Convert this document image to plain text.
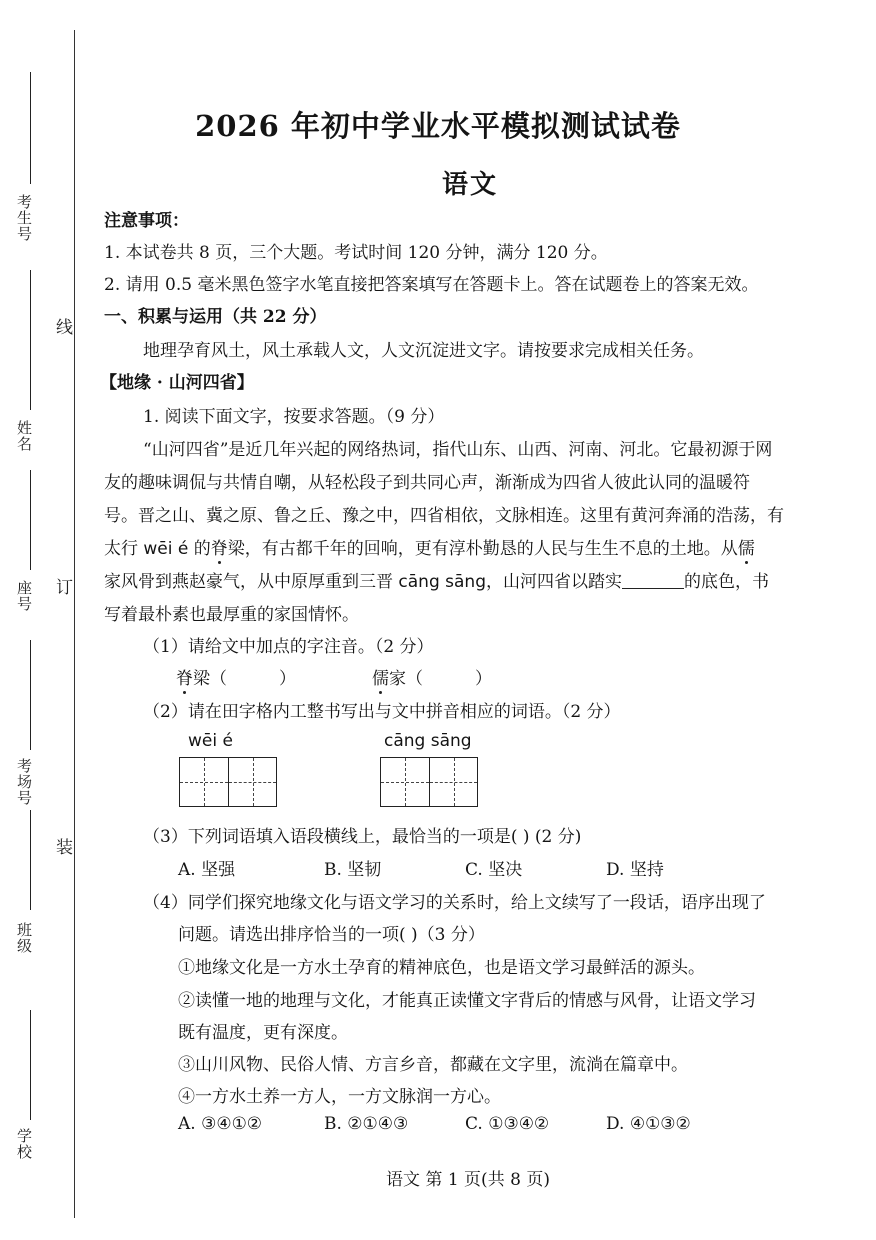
考生号
姓名
座号
考场号
班级
学校
线
订
装
2026 年初中学业水平模拟测试试卷
语文
注意事项：
1. 本试卷共 8 页，三个大题。考试时间 120 分钟，满分 120 分。
2. 请用 0.5 毫米黑色签字水笔直接把答案填写在答题卡上。答在试题卷上的答案无效。
一、积累与运用（共 22 分）
地理孕育风土，风土承载人文，人文沉淀进文字。请按要求完成相关任务。
【地缘 · 山河四省】
1. 阅读下面文字，按要求答题。（9 分）
“山河四省”是近几年兴起的网络热词，指代山东、山西、河南、河北。它最初源于网
友的趣味调侃与共情自嘲，从轻松段子到共同心声，渐渐成为四省人彼此认同的温暖符
号。晋之山、冀之原、鲁之丘、豫之中，四省相依，文脉相连。这里有黄河奔涌的浩荡，有
太行 wēi é 的脊梁，有古都千年的回响，更有淳朴勤恳的人民与生生不息的土地。从儒
家风骨到燕赵豪气，从中原厚重到三晋 cāng sāng，山河四省以踏实	的底色，书
写着最朴素也最厚重的家国情怀。
（1）请给文中加点的字注音。（2 分）
脊梁（	）	儒家（	）
（2）请在田字格内工整书写出与文中拼音相应的词语。（2 分）
wēi é	cāng sāng
（3）下列词语填入语段横线上，最恰当的一项是( ) (2 分)
A. 坚强	B. 坚韧	C. 坚决	D. 坚持
（4）同学们探究地缘文化与语文学习的关系时，给上文续写了一段话，语序出现了
问题。请选出排序恰当的一项( )（3 分）
①地缘文化是一方水土孕育的精神底色，也是语文学习最鲜活的源头。
②读懂一地的地理与文化，才能真正读懂文字背后的情感与风骨，让语文学习
既有温度，更有深度。
③山川风物、民俗人情、方言乡音，都藏在文字里，流淌在篇章中。
④一方水土养一方人，一方文脉润一方心。
A. ③④①②	B. ②①④③	C. ①③④②	D. ④①③②
语文 第 1 页(共 8 页)
